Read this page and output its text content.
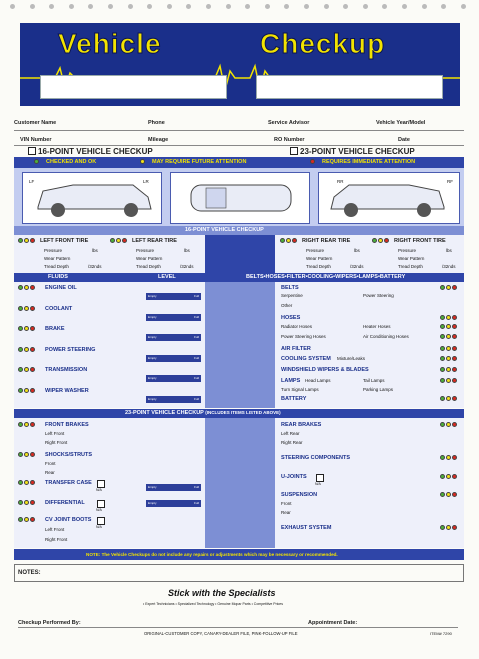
Vehicle	Checkup
Customer Name	Phone	Service Advisor	Vehicle Year/Model
VIN Number	Mileage	RO Number	Date
16-POINT VEHICLE CHECKUP	23-POINT VEHICLE CHECKUP
CHECKED AND OK	MAY REQUIRE FUTURE ATTENTION	REQUIRES IMMEDIATE ATTENTION
LF	LR	RR	RF
16-POINT VEHICLE CHECKUP
LEFT FRONT TIRE
Pressure	lbs
Wear Pattern
Tread Depth	/32nds
LEFT REAR TIRE
Pressure	lbs
Wear Pattern
Tread Depth	/32nds
RIGHT REAR TIRE
Pressure	lbs
Wear Pattern
Tread Depth	/32nds
RIGHT FRONT TIRE
Pressure	lbs
Wear Pattern
Tread Depth	/32nds
FLUIDS	LEVEL	BELTS•HOSES•FILTER•COOLING•WIPERS•LAMPS•BATTERY
ENGINE OIL
Empty	Full
COOLANT
Empty	Full
BRAKE
Empty	Full
POWER STEERING
Empty	Full
TRANSMISSION
Empty	Full
WIPER WASHER
Empty	Full
BELTS
Serpentine	Power Steering
Other
HOSES
Radiator Hoses	Heater Hoses
Power Steering Hoses	Air Conditioning Hoses
AIR FILTER
COOLING SYSTEM Mixture/Leaks
WINDSHIELD WIPERS & BLADES
LAMPS Head Lamps	Tail Lamps
Turn Signal Lamps	Parking Lamps
BATTERY
23-POINT VEHICLE CHECKUP (INCLUDES ITEMS LISTED ABOVE)
FRONT BRAKES
Left Front
Right Front
SHOCKS/STRUTS
Front
Rear
TRANSFER CASE
DIFFERENTIAL
CV JOINT BOOTS
Left Front
Right Front
N/A
N/A
N/A
Empty	Full
Empty	Full
REAR BRAKES
Left Rear
Right Rear
STEERING COMPONENTS
U-JOINTS
SUSPENSION
Front
Rear
EXHAUST SYSTEM
N/A
NOTE: The Vehicle Checkups do not include any repairs or adjustments which may be necessary or recommended.
NOTES:
Stick with the Specialists
• Expert Technicians • Specialized Technology • Genuine Mopar Parts • Competitive Prices
Checkup Performed By:	Appointment Date:
ORIGINAL-CUSTOMER COPY, CANARY-DEALER FILE, PINK-FOLLOW-UP FILE	ITEM# 7290
